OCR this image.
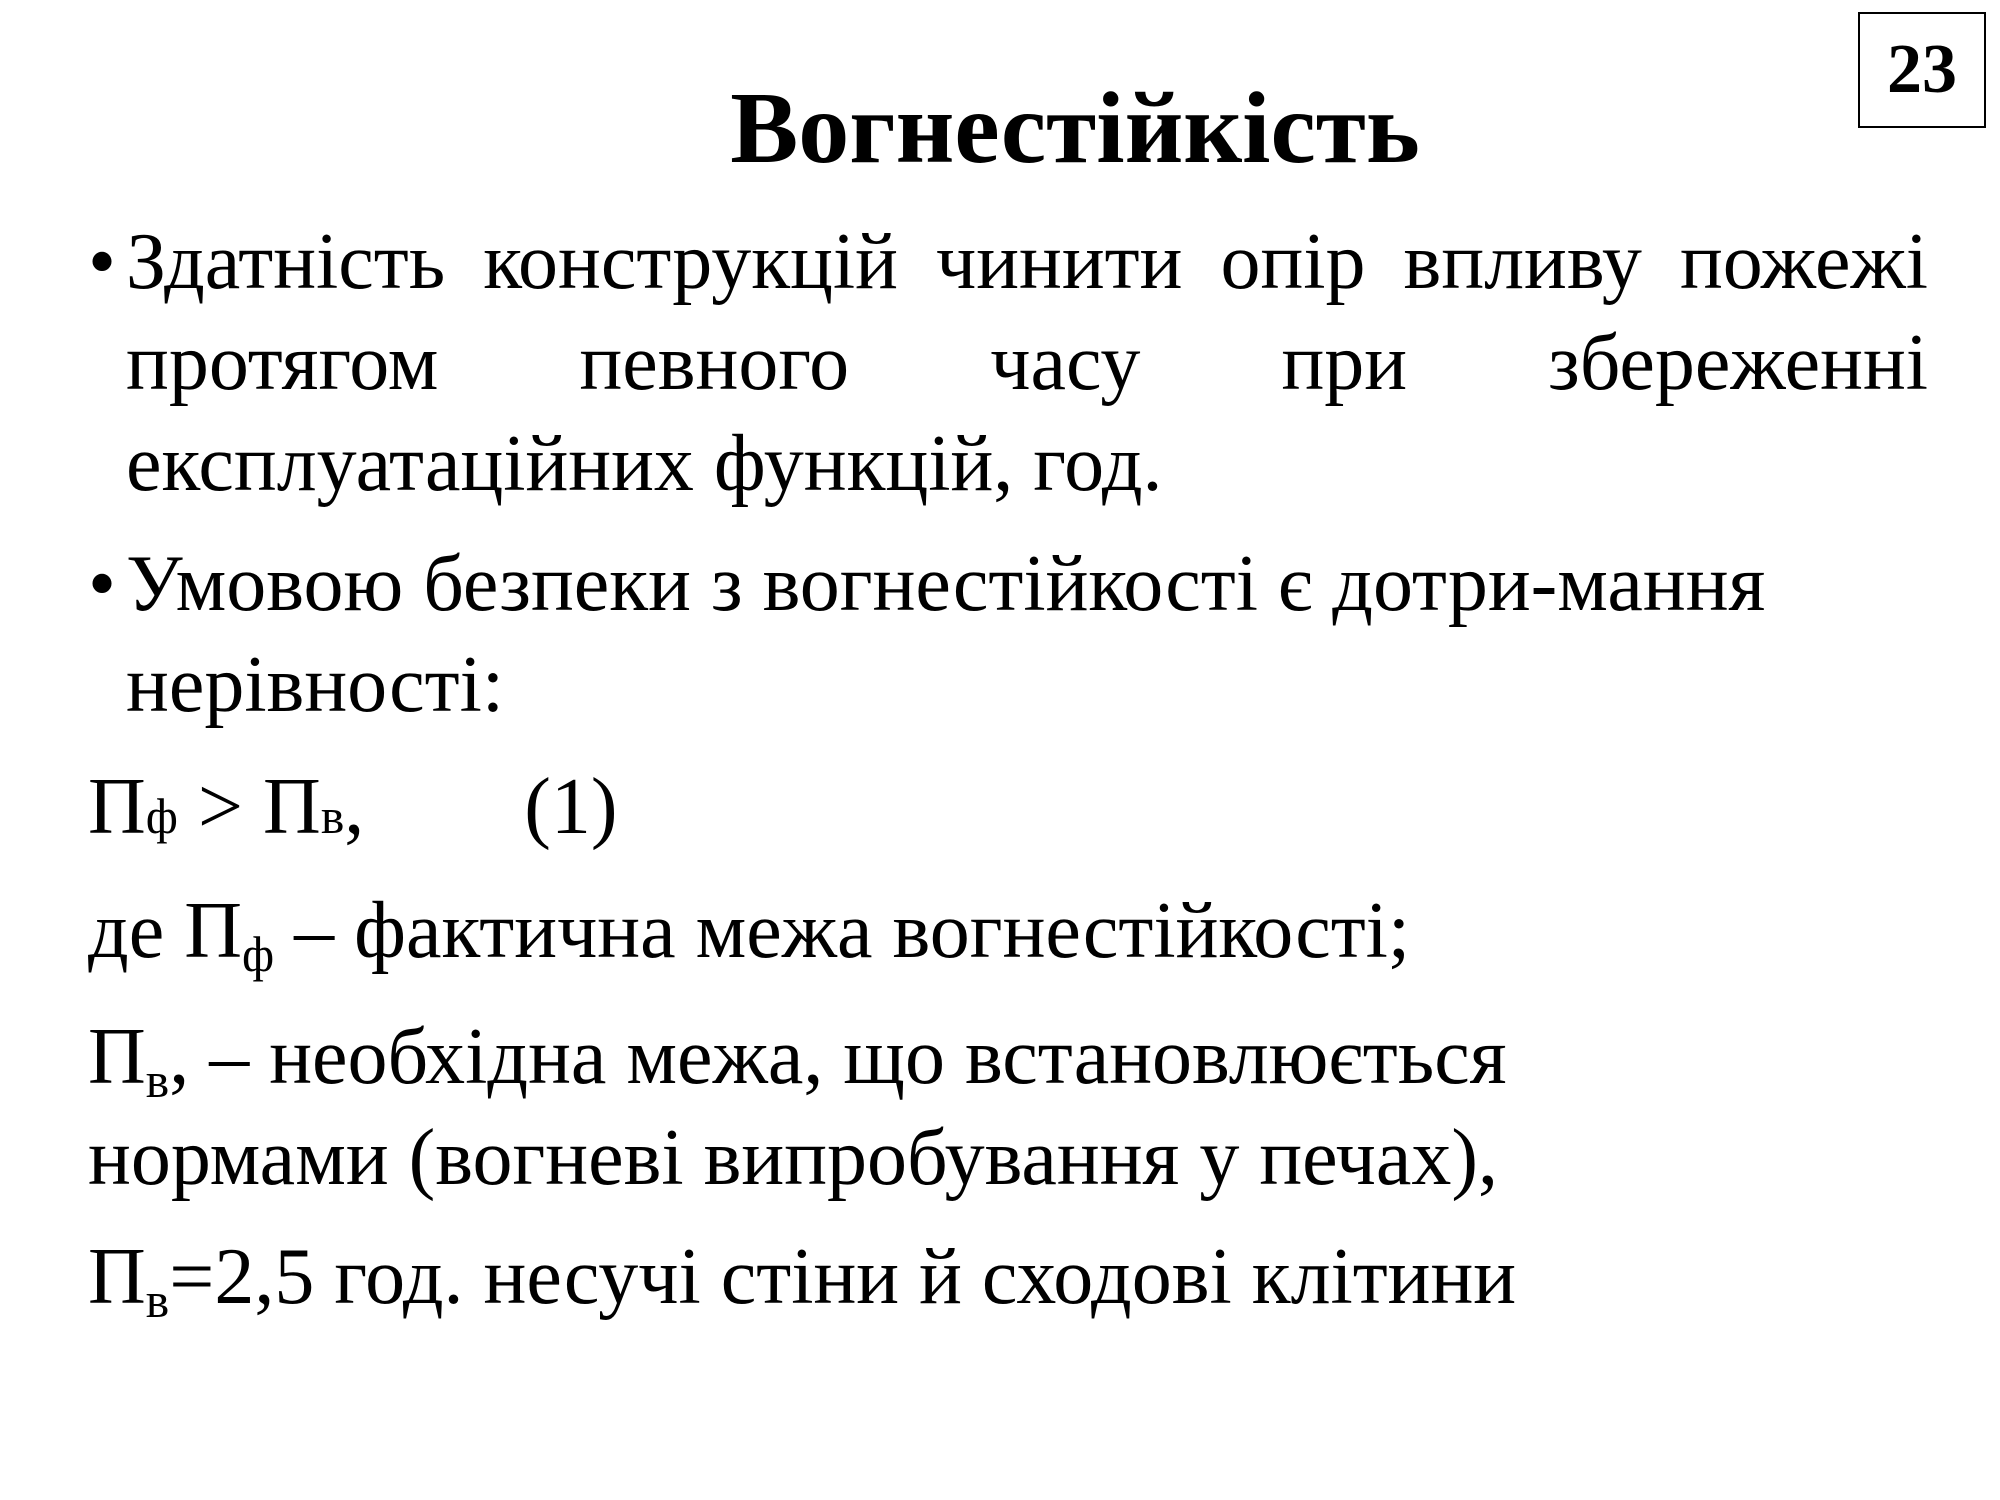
23
Вогнестійкість
• Здатність конструкцій чинити опір впливу пожежі протягом певного часу при збереженні експлуатаційних функцій, год.
• Умовою безпеки з вогнестійкості є дотри-мання нерівності:
П ф > П в , (1)
де $П_ф$ – фактична межа вогнестійкості;
$П_в$, – необхідна межа, що встановлюється
нормами (вогневі випробування у печах),
$П_в=2,5$ год. несучі стіни й сходові клітини
